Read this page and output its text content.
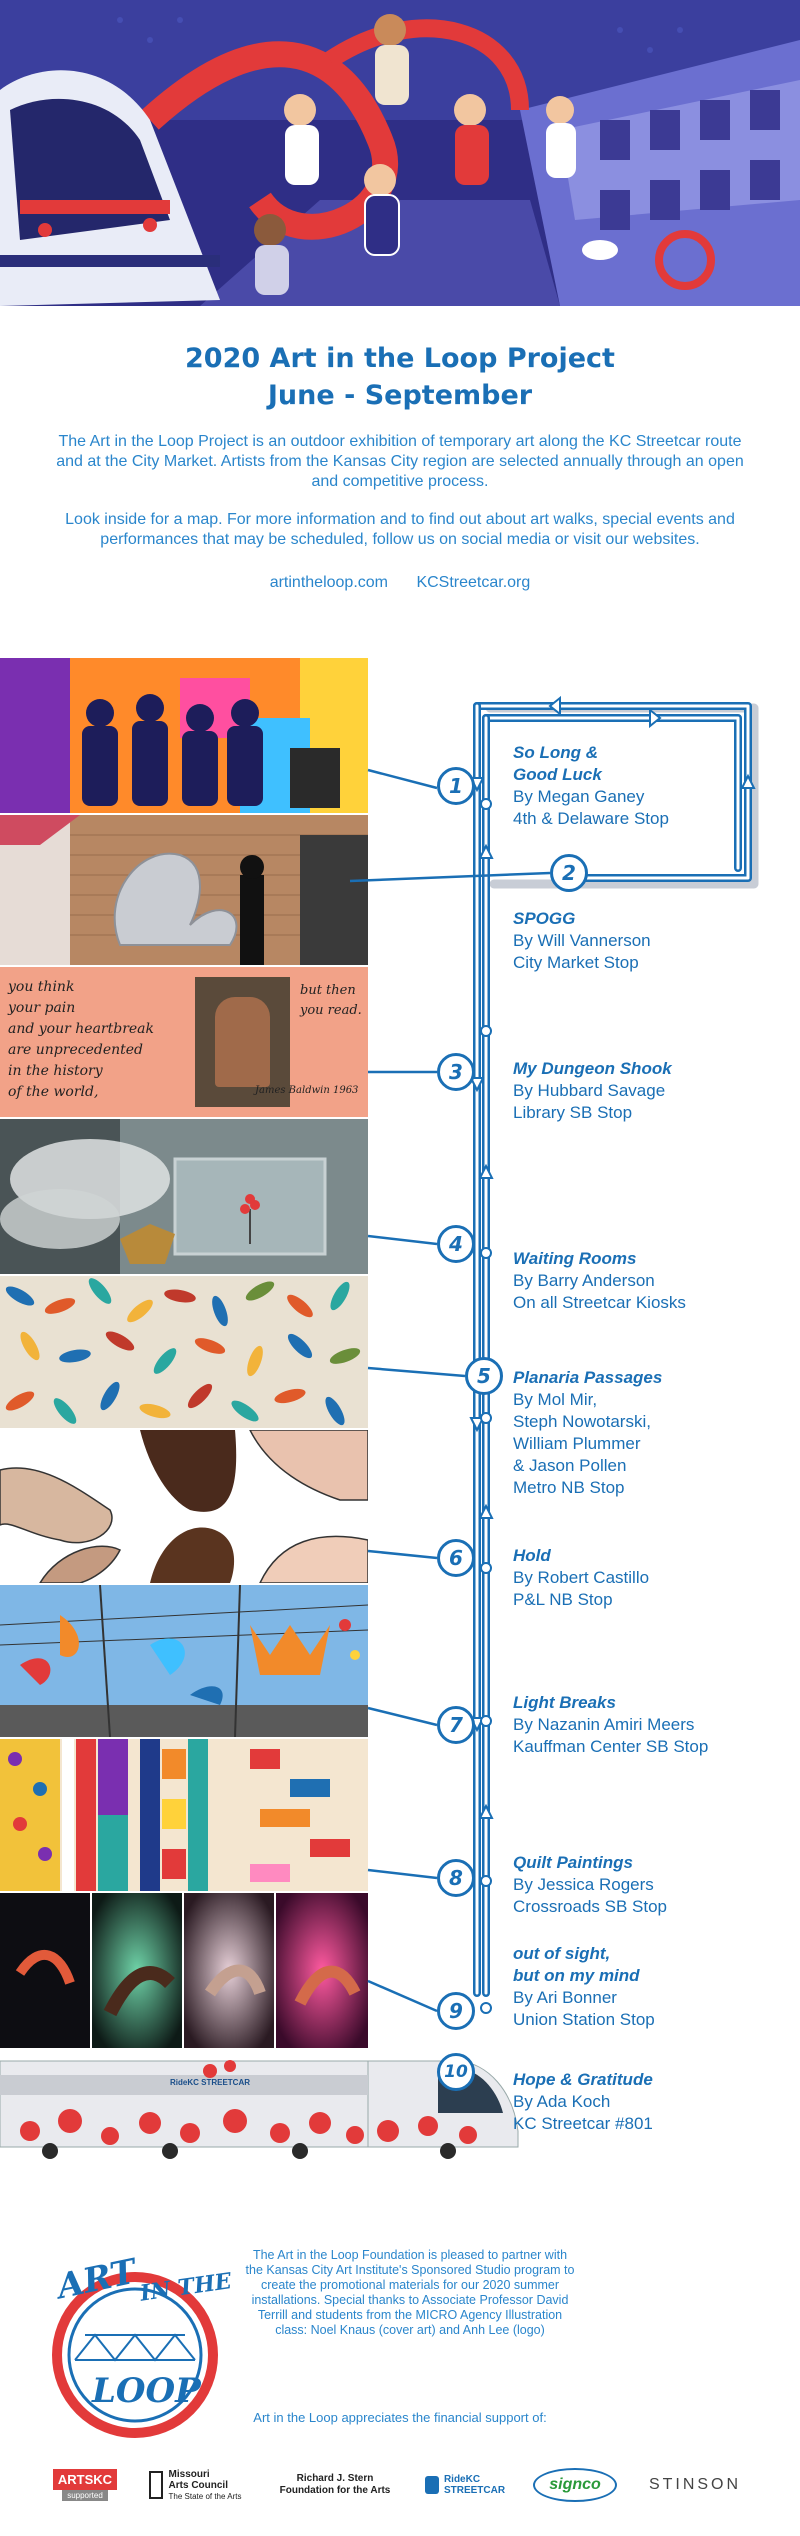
2020 Art in the Loop Project
June - September

The Art in the Loop Project is an outdoor exhibition of temporary art along the KC Streetcar route and at the City Market. Artists from the Kansas City region are selected annually through an open and competitive process.

Look inside for a map. For more information and to find out about art walks, special events and performances that may be scheduled, follow us on social media or visit our websites.

artintheloop.com KCStreetcar.org
you think
your pain
and your heartbreak
are unprecedented
in the history
of the world,
but then
you read.
James Baldwin 1963
RideKC STREETCAR
1
2
3
4
5
6
7
8
9
10
So Long &
Good Luck
By Megan Ganey
4th & Delaware Stop
SPOGG
By Will Vannerson
City Market Stop
My Dungeon Shook
By Hubbard Savage
Library SB Stop
Waiting Rooms
By Barry Anderson
On all Streetcar Kiosks
Planaria Passages
By Mol Mir,
Steph Nowotarski,
William Plummer
& Jason Pollen
Metro NB Stop
Hold
By Robert Castillo
P&L NB Stop
Light Breaks
By Nazanin Amiri Meers
Kauffman Center SB Stop
Quilt Paintings
By Jessica Rogers
Crossroads SB Stop
out of sight,
but on my mind
By Ari Bonner
Union Station Stop
Hope & Gratitude
By Ada Koch
KC Streetcar #801
ART
IN THE
LOOP

The Art in the Loop Foundation is pleased to partner with the Kansas City Art Institute's Sponsored Studio program to create the promotional materials for our 2020 summer installations. Special thanks to Associate Professor David Terrill and students from the MICRO Agency Illustration class: Noel Knaus (cover art) and Anh Lee (logo)

Art in the Loop appreciates the financial support of:

ARTSKC
supported
Missouri
Arts Council
The State of the Arts
Richard J. Stern
Foundation for the Arts
RideKC
STREETCAR	signco	STINSON
